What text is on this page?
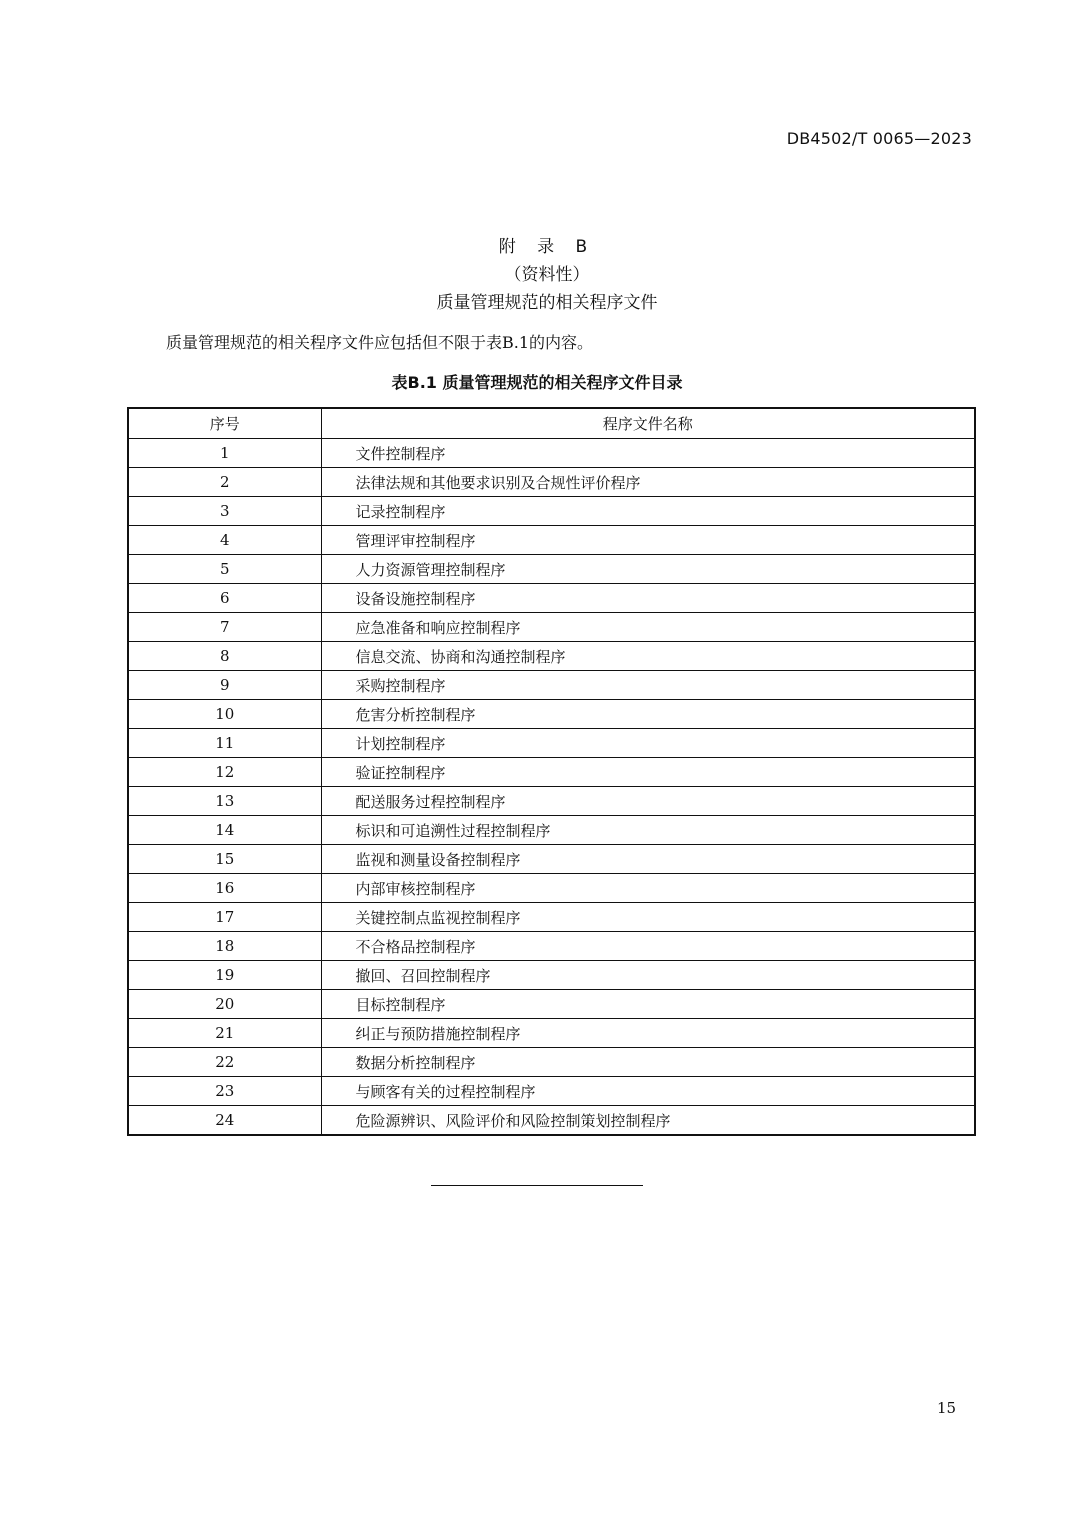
DB4502/T 0065—2023
附 录 B
（资料性）
质量管理规范的相关程序文件
质量管理规范的相关程序文件应包括但不限于表B.1的内容。
表B.1 质量管理规范的相关程序文件目录
序号	程序文件名称
1	文件控制程序
2	法律法规和其他要求识别及合规性评价程序
3	记录控制程序
4	管理评审控制程序
5	人力资源管理控制程序
6	设备设施控制程序
7	应急准备和响应控制程序
8	信息交流、协商和沟通控制程序
9	采购控制程序
10	危害分析控制程序
11	计划控制程序
12	验证控制程序
13	配送服务过程控制程序
14	标识和可追溯性过程控制程序
15	监视和测量设备控制程序
16	内部审核控制程序
17	关键控制点监视控制程序
18	不合格品控制程序
19	撤回、召回控制程序
20	目标控制程序
21	纠正与预防措施控制程序
22	数据分析控制程序
23	与顾客有关的过程控制程序
24	危险源辨识、风险评价和风险控制策划控制程序
15
